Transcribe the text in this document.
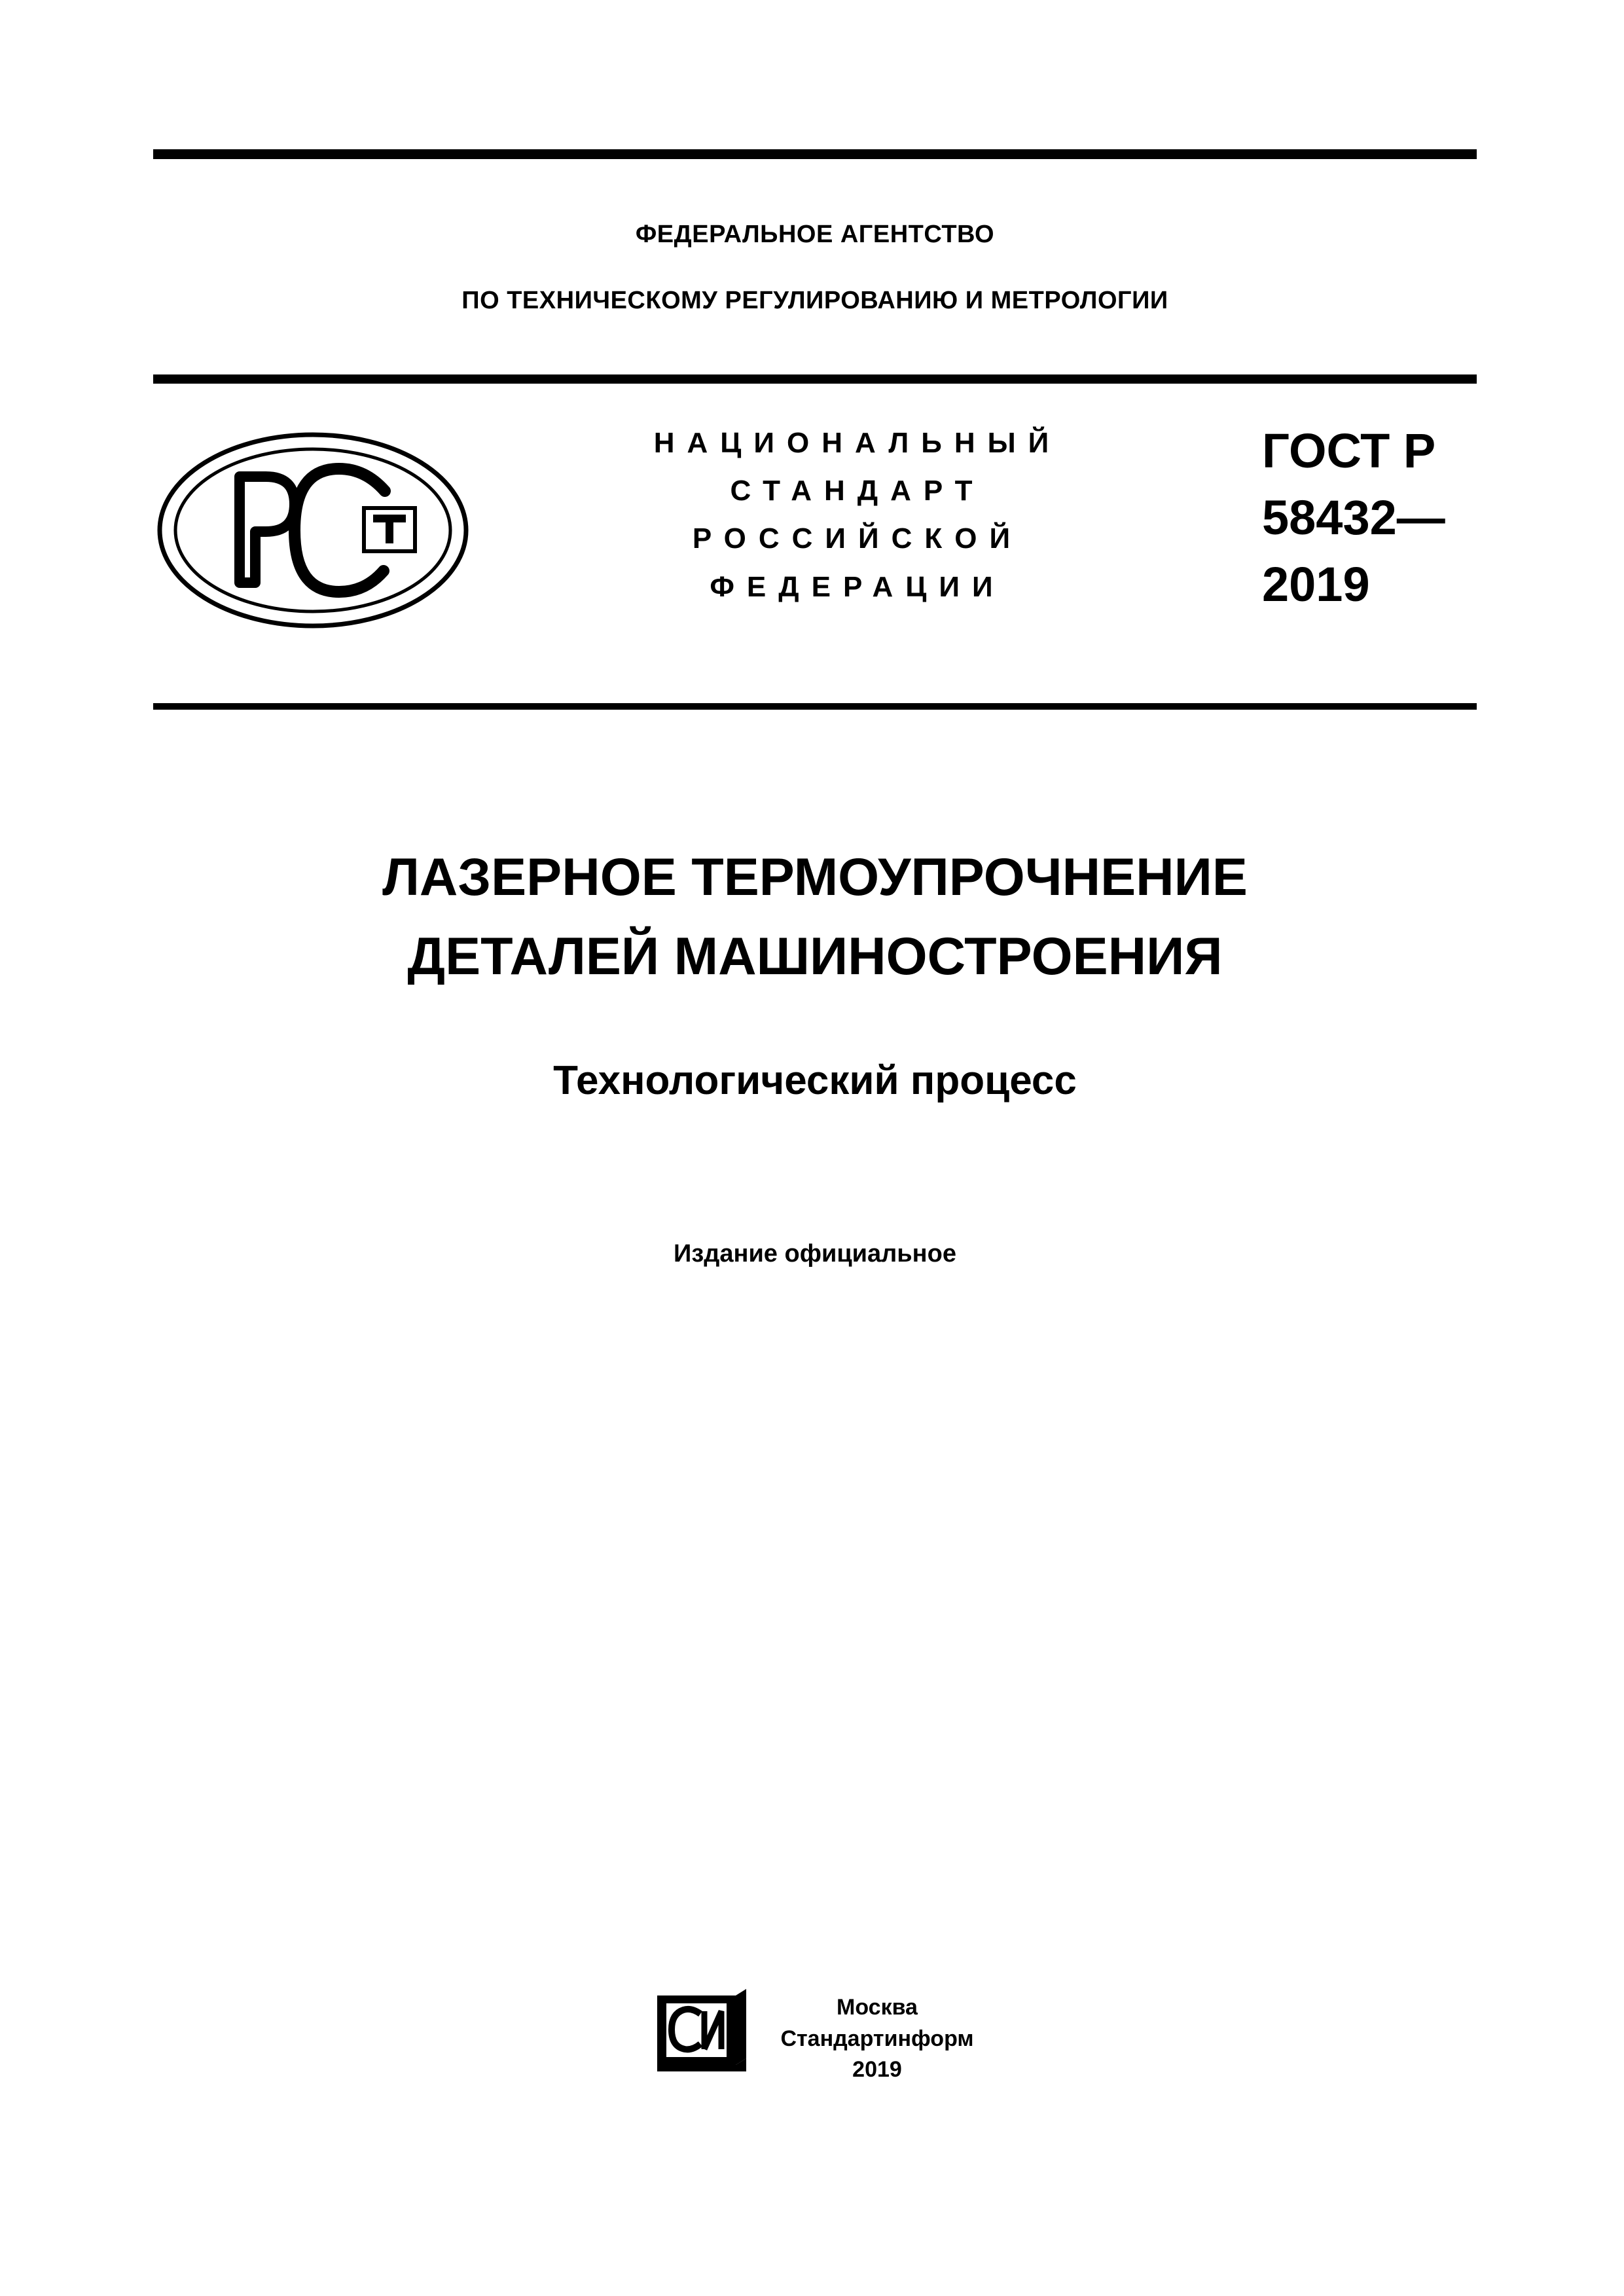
ФЕДЕРАЛЬНОЕ АГЕНТСТВО
ПО ТЕХНИЧЕСКОМУ РЕГУЛИРОВАНИЮ И МЕТРОЛОГИИ
НАЦИОНАЛЬНЫЙ
СТАНДАРТ
РОССИЙСКОЙ
ФЕДЕРАЦИИ
ГОСТ Р
58432—
2019
ЛАЗЕРНОЕ ТЕРМОУПРОЧНЕНИЕ
ДЕТАЛЕЙ МАШИНОСТРОЕНИЯ
Технологический процесс
Издание официальное
Москва
Стандартинформ
2019
